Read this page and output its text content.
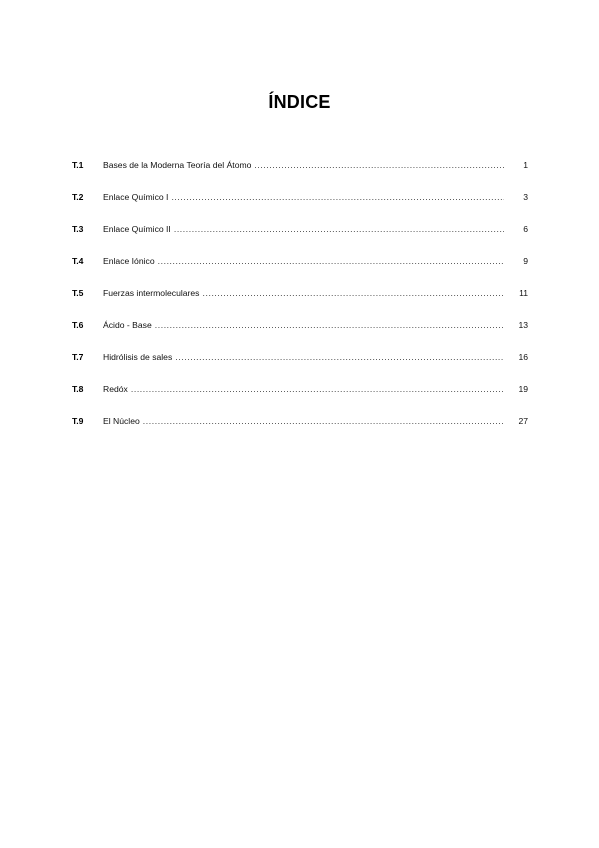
ÍNDICE
T.1	Bases de la Moderna Teoría del Átomo .....	1
T.2	Enlace Químico I .....	3
T.3	Enlace Químico II .....	6
T.4	Enlace Iónico .....	9
T.5	Fuerzas intermoleculares .....	11
T.6	Ácido - Base .....	13
T.7	Hidrólisis de sales .....	16
T.8	Redóx .....	19
T.9	El Núcleo .....	27
